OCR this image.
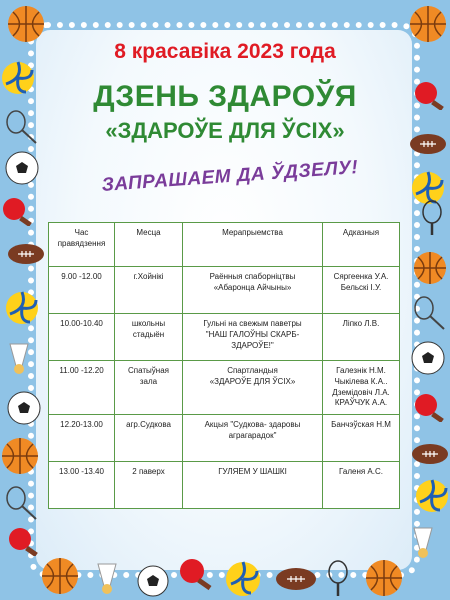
8 красавіка 2023 года
ДЗЕНЬ ЗДАРОЎЯ
«ЗДАРОЎЕ ДЛЯ ЎСІХ»
ЗАПРАШАЕМ ДА ЎДЗЕЛУ!
Час
правядзення	Месца	Мерапрыемства	Адказныя

9.00 -12.00	г.Хойнікі	Раённыя спаборніцтвы
«Абаронца Айчыны»	Сяргеенка У.А.
Бельскі І.У.

10.00-10.40	школьны
стадыён	Гульні на свежым паветры
"НАШ ГАЛОЎНЫ СКАРБ-
ЗДАРОЎЕ!"	Ліпко Л.В.

11.00 -12.20	Спатыўная
зала	Спартландыя
«ЗДАРОЎЕ ДЛЯ ЎСІХ»	Галезнік Н.М.
Чыкілева К.А..
Дземідовіч Л.А.
КРАЎЧУК А.А.

12.20-13.00	агр.Судкова	Акцыя "Судкова- здаровы
аграгарадок"	Банчэўская Н.М

13.00 -13.40	2 паверх	ГУЛЯЕМ У ШАШКІ	Галеня А.С.
